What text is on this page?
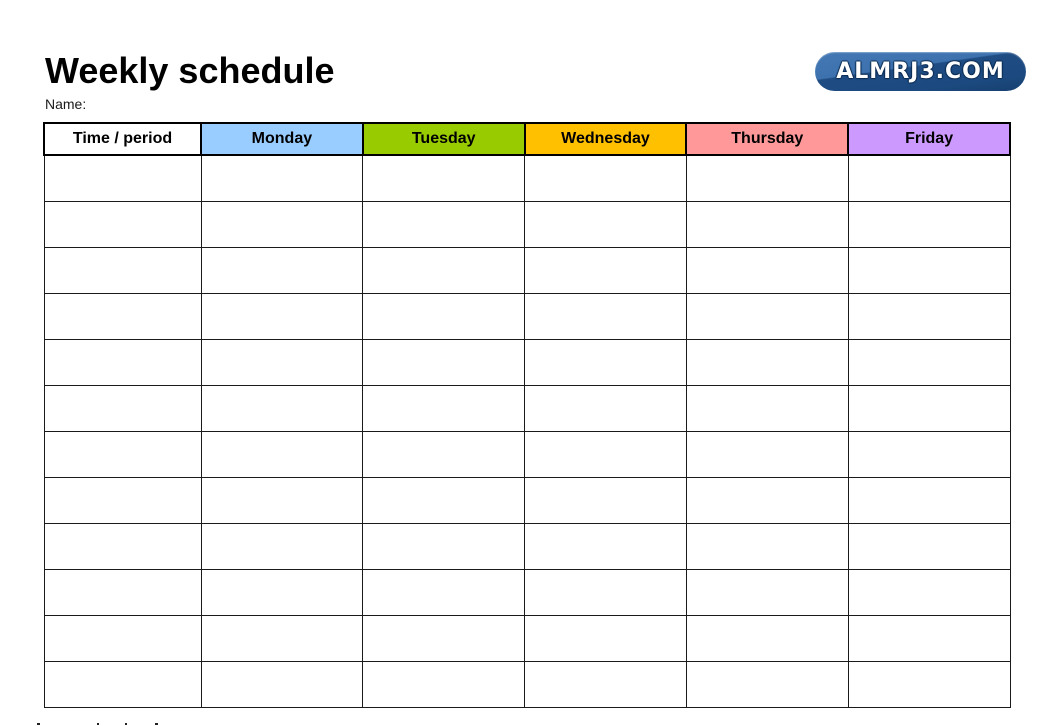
Weekly schedule	ALMRJ3.COM
Name:
Time / period	Monday	Tuesday	Wednesday	Thursday	Friday
